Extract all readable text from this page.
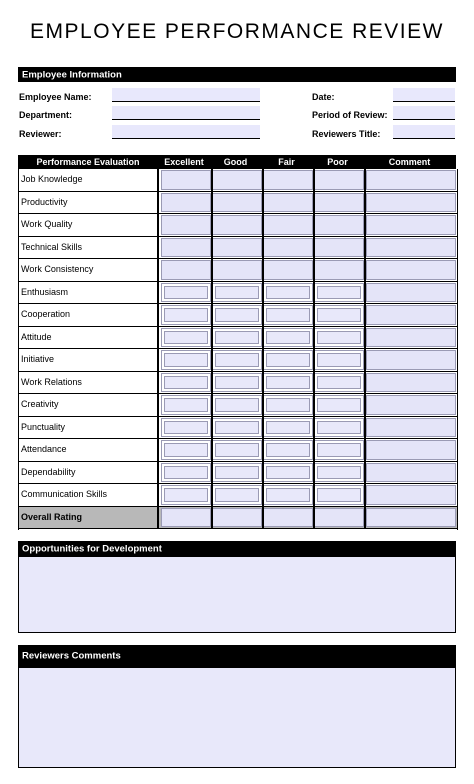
EMPLOYEE PERFORMANCE REVIEW
Employee Information
Employee Name:
Department:
Reviewer:
Date:
Period of Review:
Reviewers Title:
Performance Evaluation	Excellent	Good	Fair	Poor	Comment
Job Knowledge
Productivity
Work Quality
Technical Skills
Work Consistency
Enthusiasm
Cooperation
Attitude
Initiative
Work Relations
Creativity
Punctuality
Attendance
Dependability
Communication Skills
Overall Rating
Opportunities for Development
Reviewers Comments
